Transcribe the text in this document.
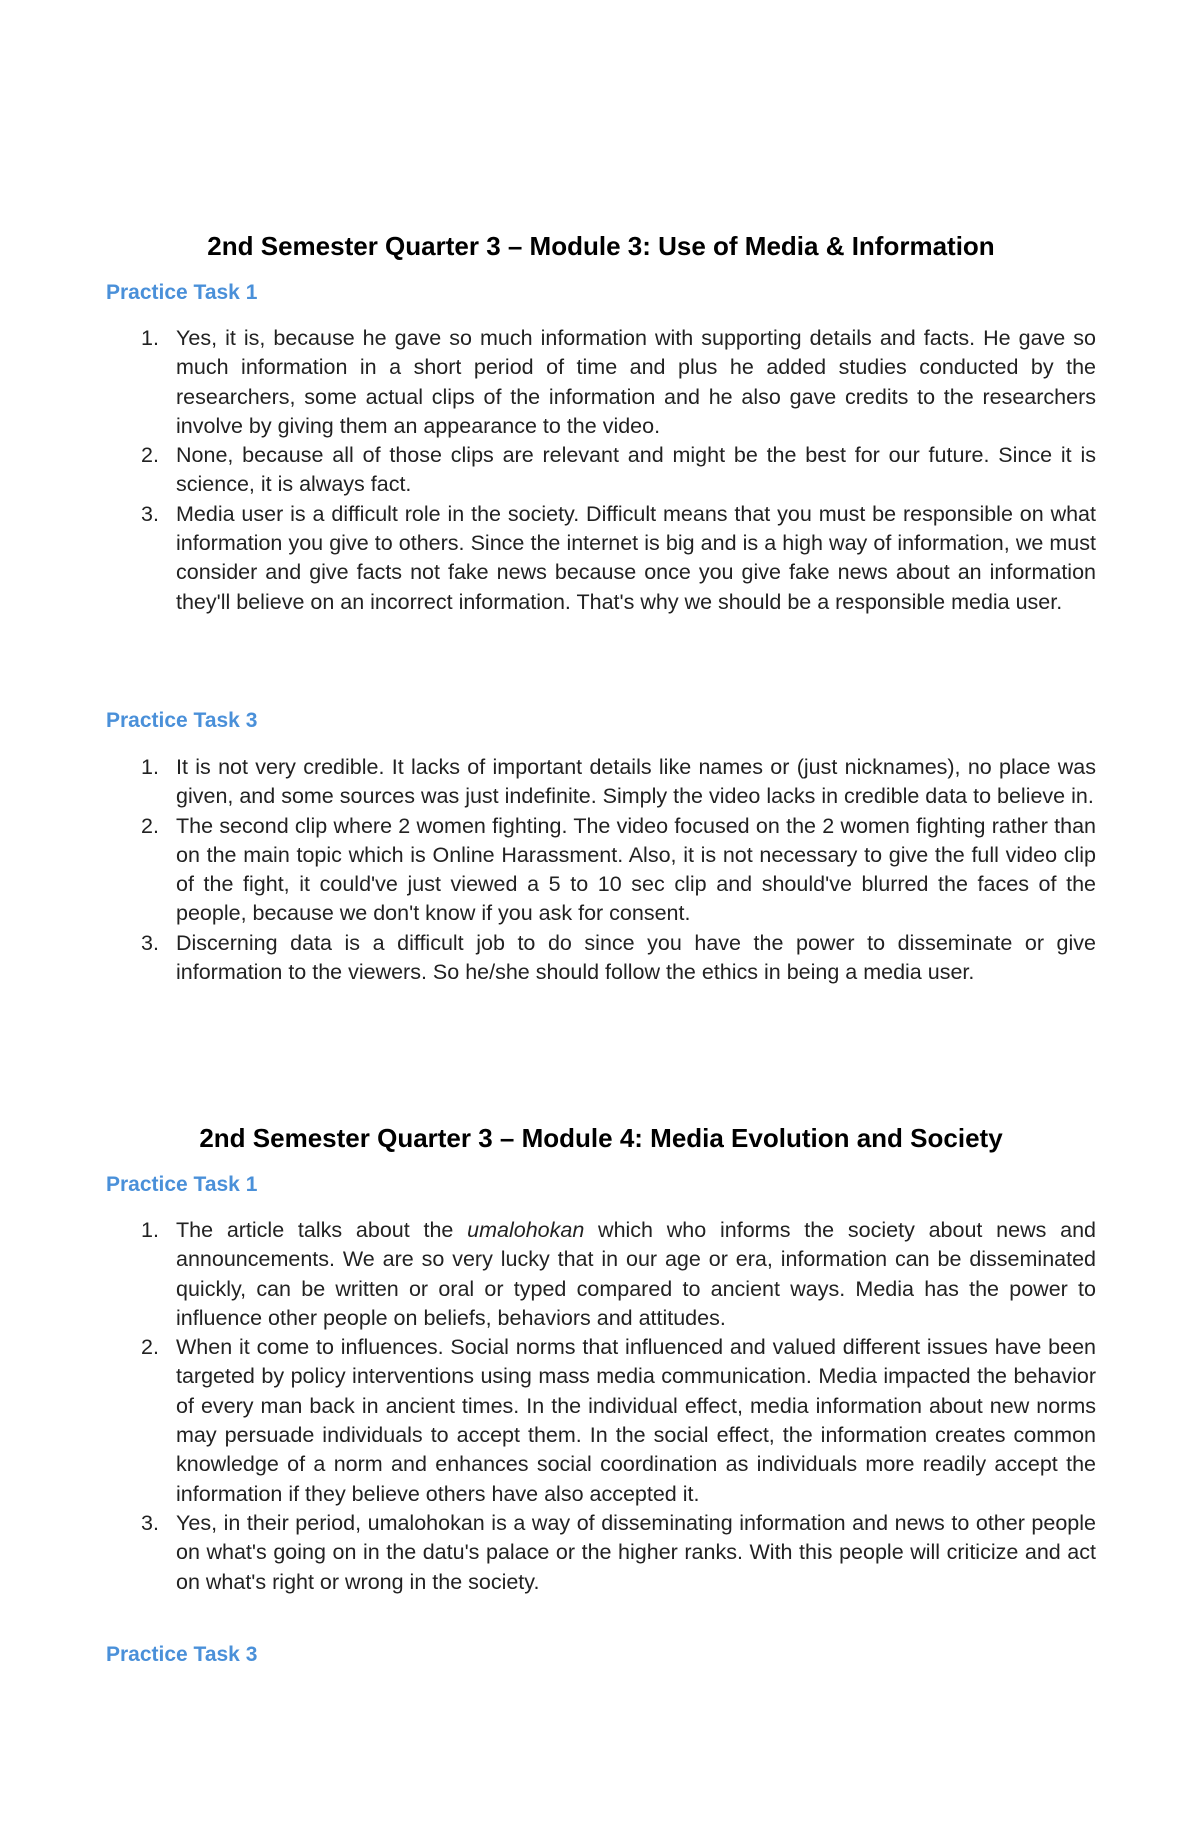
2nd Semester Quarter 3 – Module 3: Use of Media & Information
Practice Task 1
1. Yes, it is, because he gave so much information with supporting details and facts. He gave so much information in a short period of time and plus he added studies conducted by the researchers, some actual clips of the information and he also gave credits to the researchers involve by giving them an appearance to the video.
2. None, because all of those clips are relevant and might be the best for our future. Since it is science, it is always fact.
3. Media user is a difficult role in the society. Difficult means that you must be responsible on what information you give to others. Since the internet is big and is a high way of information, we must consider and give facts not fake news because once you give fake news about an information they'll believe on an incorrect information. That's why we should be a responsible media user.
Practice Task 3
1. It is not very credible. It lacks of important details like names or (just nicknames), no place was given, and some sources was just indefinite. Simply the video lacks in credible data to believe in.
2. The second clip where 2 women fighting. The video focused on the 2 women fighting rather than on the main topic which is Online Harassment. Also, it is not necessary to give the full video clip of the fight, it could've just viewed a 5 to 10 sec clip and should've blurred the faces of the people, because we don't know if you ask for consent.
3. Discerning data is a difficult job to do since you have the power to disseminate or give information to the viewers. So he/she should follow the ethics in being a media user.
2nd Semester Quarter 3 – Module 4: Media Evolution and Society
Practice Task 1
1. The article talks about the umalohokan which who informs the society about news and announcements. We are so very lucky that in our age or era, information can be disseminated quickly, can be written or oral or typed compared to ancient ways. Media has the power to influence other people on beliefs, behaviors and attitudes.
2. When it come to influences. Social norms that influenced and valued different issues have been targeted by policy interventions using mass media communication. Media impacted the behavior of every man back in ancient times. In the individual effect, media information about new norms may persuade individuals to accept them. In the social effect, the information creates common knowledge of a norm and enhances social coordination as individuals more readily accept the information if they believe others have also accepted it.
3. Yes, in their period, umalohokan is a way of disseminating information and news to other people on what's going on in the datu's palace or the higher ranks. With this people will criticize and act on what's right or wrong in the society.
Practice Task 3
